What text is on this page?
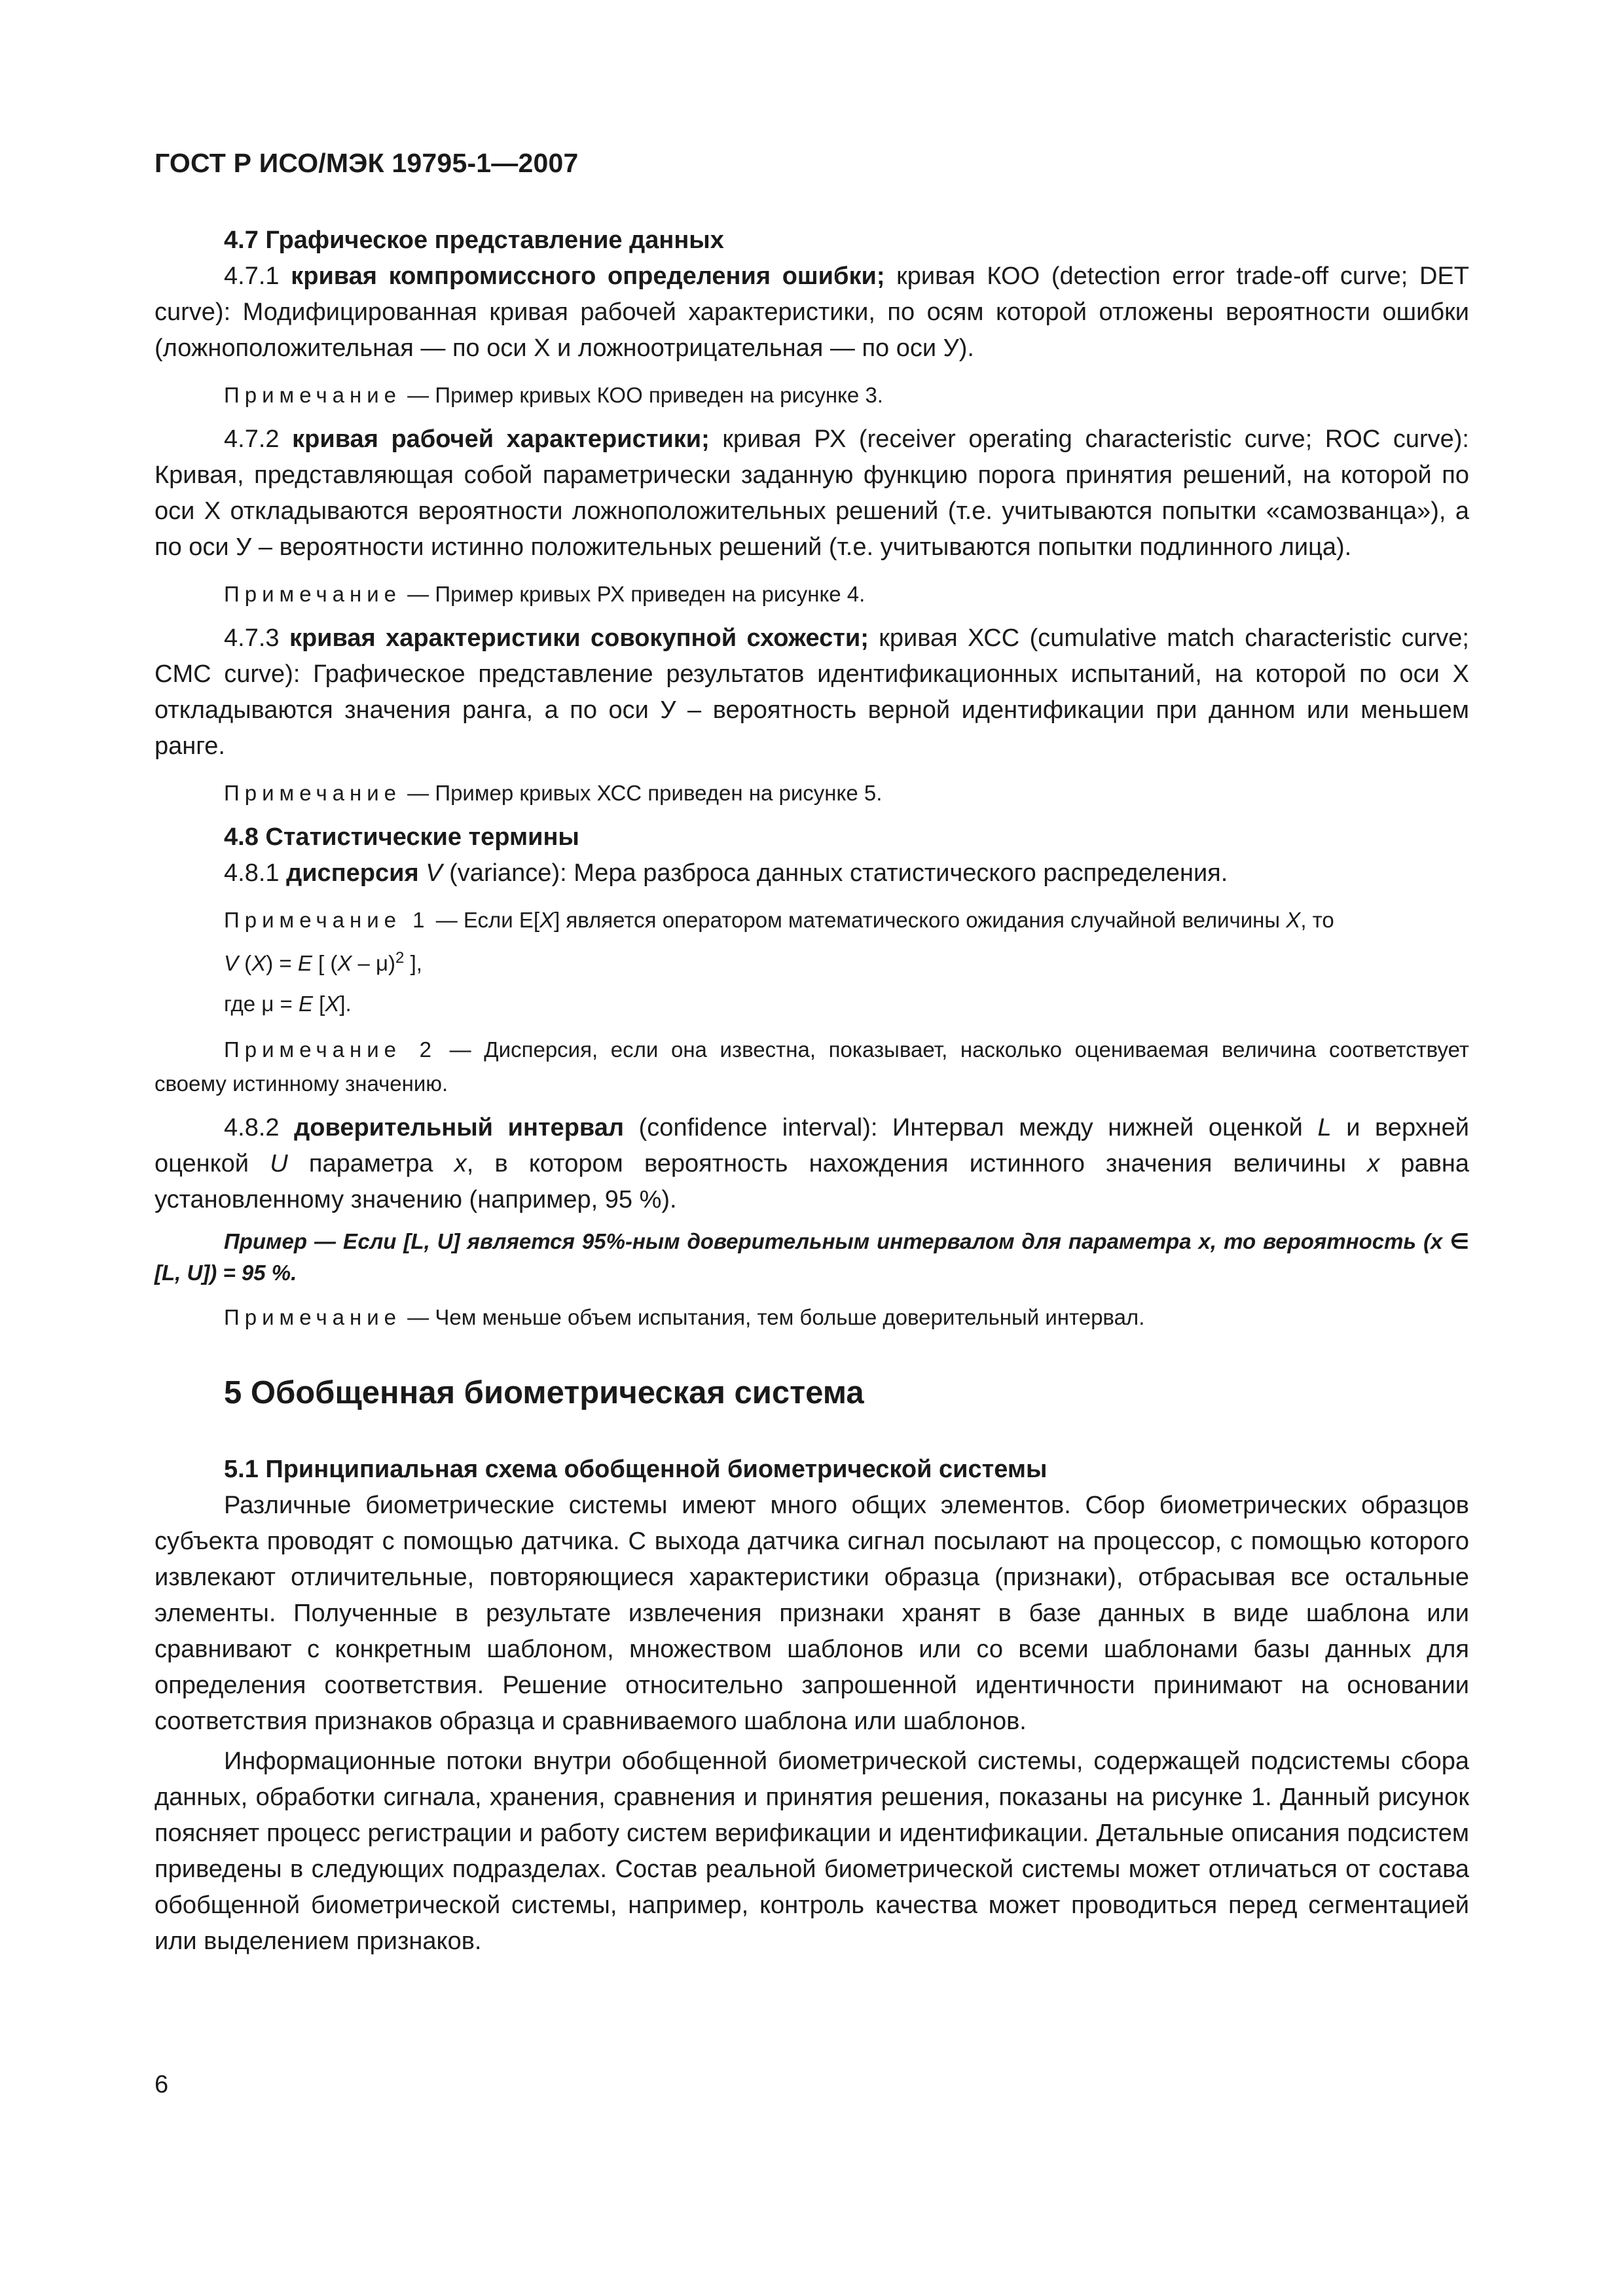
ГОСТ Р ИСО/МЭК 19795-1—2007

4.7 Графическое представление данных

4.7.1 кривая компромиссного определения ошибки; кривая КОО (detection error trade-off curve; DET curve): Модифицированная кривая рабочей характеристики, по осям которой отложены вероятности ошибки (ложноположительная — по оси X и ложноотрицательная — по оси У).

Примечание — Пример кривых КОО приведен на рисунке 3.

4.7.2 кривая рабочей характеристики; кривая РХ (receiver operating characteristic curve; ROC curve): Кривая, представляющая собой параметрически заданную функцию порога принятия решений, на которой по оси X откладываются вероятности ложноположительных решений (т.е. учитываются попытки «самозванца»), а по оси У – вероятности истинно положительных решений (т.е. учитываются попытки подлинного лица).

Примечание — Пример кривых РХ приведен на рисунке 4.

4.7.3 кривая характеристики совокупной схожести; кривая ХСС (cumulative match characteristic curve; CMC curve): Графическое представление результатов идентификационных испытаний, на которой по оси X откладываются значения ранга, а по оси У – вероятность верной идентификации при данном или меньшем ранге.

Примечание — Пример кривых ХСС приведен на рисунке 5.

4.8 Статистические термины

4.8.1 дисперсия V (variance): Мера разброса данных статистического распределения.

Примечание 1 — Если E[X] является оператором математического ожидания случайной величины X, то

V (X) = E [ (X – μ)$^2$ ],

где μ = E [X].

Примечание 2 — Дисперсия, если она известна, показывает, насколько оцениваемая величина соответствует своему истинному значению.

4.8.2 доверительный интервал (confidence interval): Интервал между нижней оценкой L и верхней оценкой U параметра x, в котором вероятность нахождения истинного значения величины x равна установленному значению (например, 95 %).

Пример — Если [L, U] является 95%-ным доверительным интервалом для параметра x, то вероятность (x ∈ [L, U]) = 95 %.

Примечание — Чем меньше объем испытания, тем больше доверительный интервал.

5 Обобщенная биометрическая система

5.1 Принципиальная схема обобщенной биометрической системы

Различные биометрические системы имеют много общих элементов. Сбор биометрических образцов субъекта проводят с помощью датчика. С выхода датчика сигнал посылают на процессор, с помощью которого извлекают отличительные, повторяющиеся характеристики образца (признаки), отбрасывая все остальные элементы. Полученные в результате извлечения признаки хранят в базе данных в виде шаблона или сравнивают с конкретным шаблоном, множеством шаблонов или со всеми шаблонами базы данных для определения соответствия. Решение относительно запрошенной идентичности принимают на основании соответствия признаков образца и сравниваемого шаблона или шаблонов.

Информационные потоки внутри обобщенной биометрической системы, содержащей подсистемы сбора данных, обработки сигнала, хранения, сравнения и принятия решения, показаны на рисунке 1. Данный рисунок поясняет процесс регистрации и работу систем верификации и идентификации. Детальные описания подсистем приведены в следующих подразделах. Состав реальной биометрической системы может отличаться от состава обобщенной биометрической системы, например, контроль качества может проводиться перед сегментацией или выделением признаков.

6
